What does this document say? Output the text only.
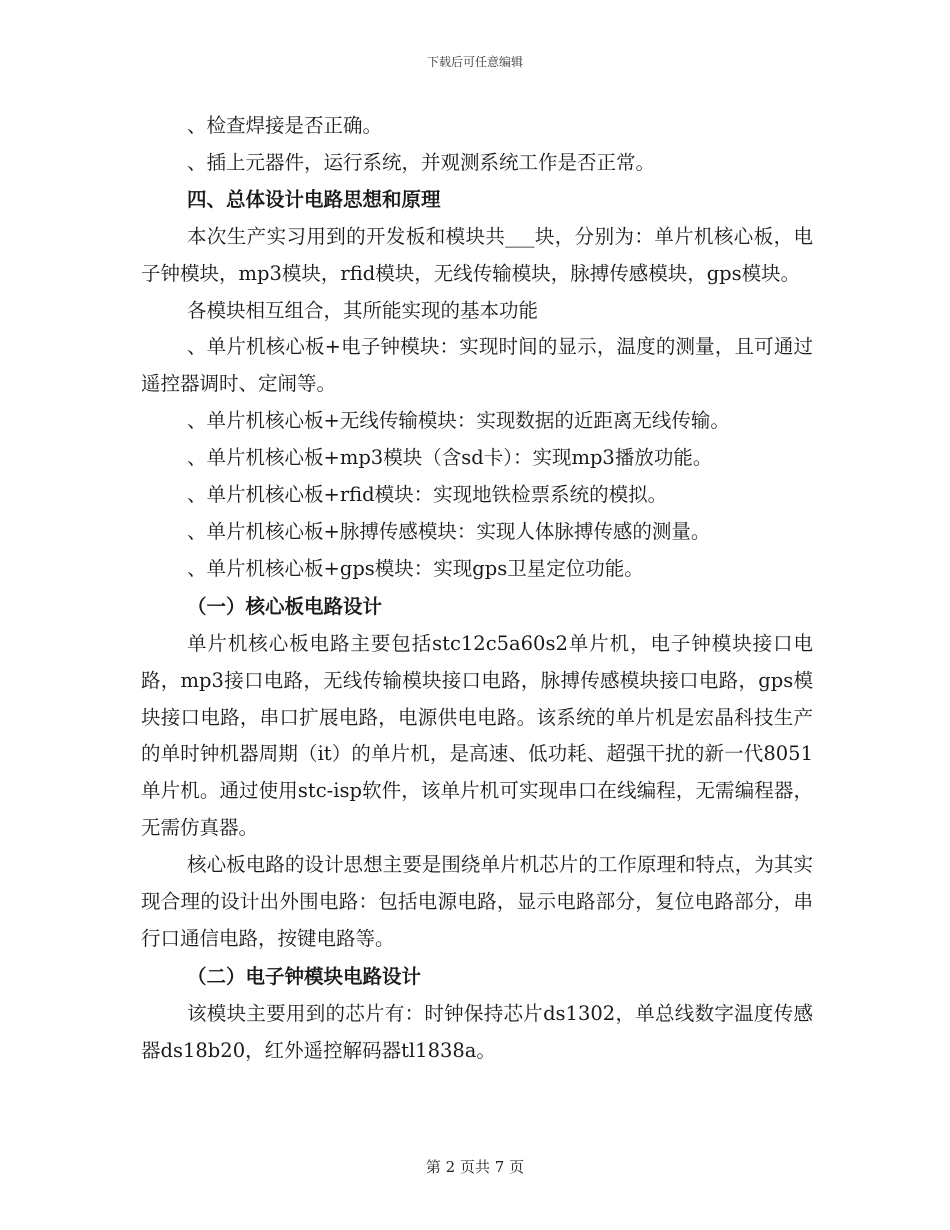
下载后可任意编辑

、检查焊接是否正确。

、插上元器件，运行系统，并观测系统工作是否正常。

四、总体设计电路思想和原理

本次生产实习用到的开发板和模块共___块，分别为：单片机核心板，电子钟模块，mp3模块，rfid模块，无线传输模块，脉搏传感模块，gps模块。

各模块相互组合，其所能实现的基本功能

、单片机核心板+电子钟模块：实现时间的显示，温度的测量，且可通过遥控器调时、定闹等。

、单片机核心板+无线传输模块：实现数据的近距离无线传输。

、单片机核心板+mp3模块（含sd卡）：实现mp3播放功能。

、单片机核心板+rfid模块：实现地铁检票系统的模拟。

、单片机核心板+脉搏传感模块：实现人体脉搏传感的测量。

、单片机核心板+gps模块：实现gps卫星定位功能。

（一）核心板电路设计

单片机核心板电路主要包括stc12c5a60s2单片机，电子钟模块接口电路，mp3接口电路，无线传输模块接口电路，脉搏传感模块接口电路，gps模块接口电路，串口扩展电路，电源供电电路。该系统的单片机是宏晶科技生产的单时钟机器周期（it）的单片机，是高速、低功耗、超强干扰的新一代8051单片机。通过使用stc-isp软件，该单片机可实现串口在线编程，无需编程器，无需仿真器。

核心板电路的设计思想主要是围绕单片机芯片的工作原理和特点，为其实现合理的设计出外围电路：包括电源电路，显示电路部分，复位电路部分，串行口通信电路，按键电路等。

（二）电子钟模块电路设计

该模块主要用到的芯片有：时钟保持芯片ds1302，单总线数字温度传感器ds18b20，红外遥控解码器tl1838a。

第 2 页共 7 页
